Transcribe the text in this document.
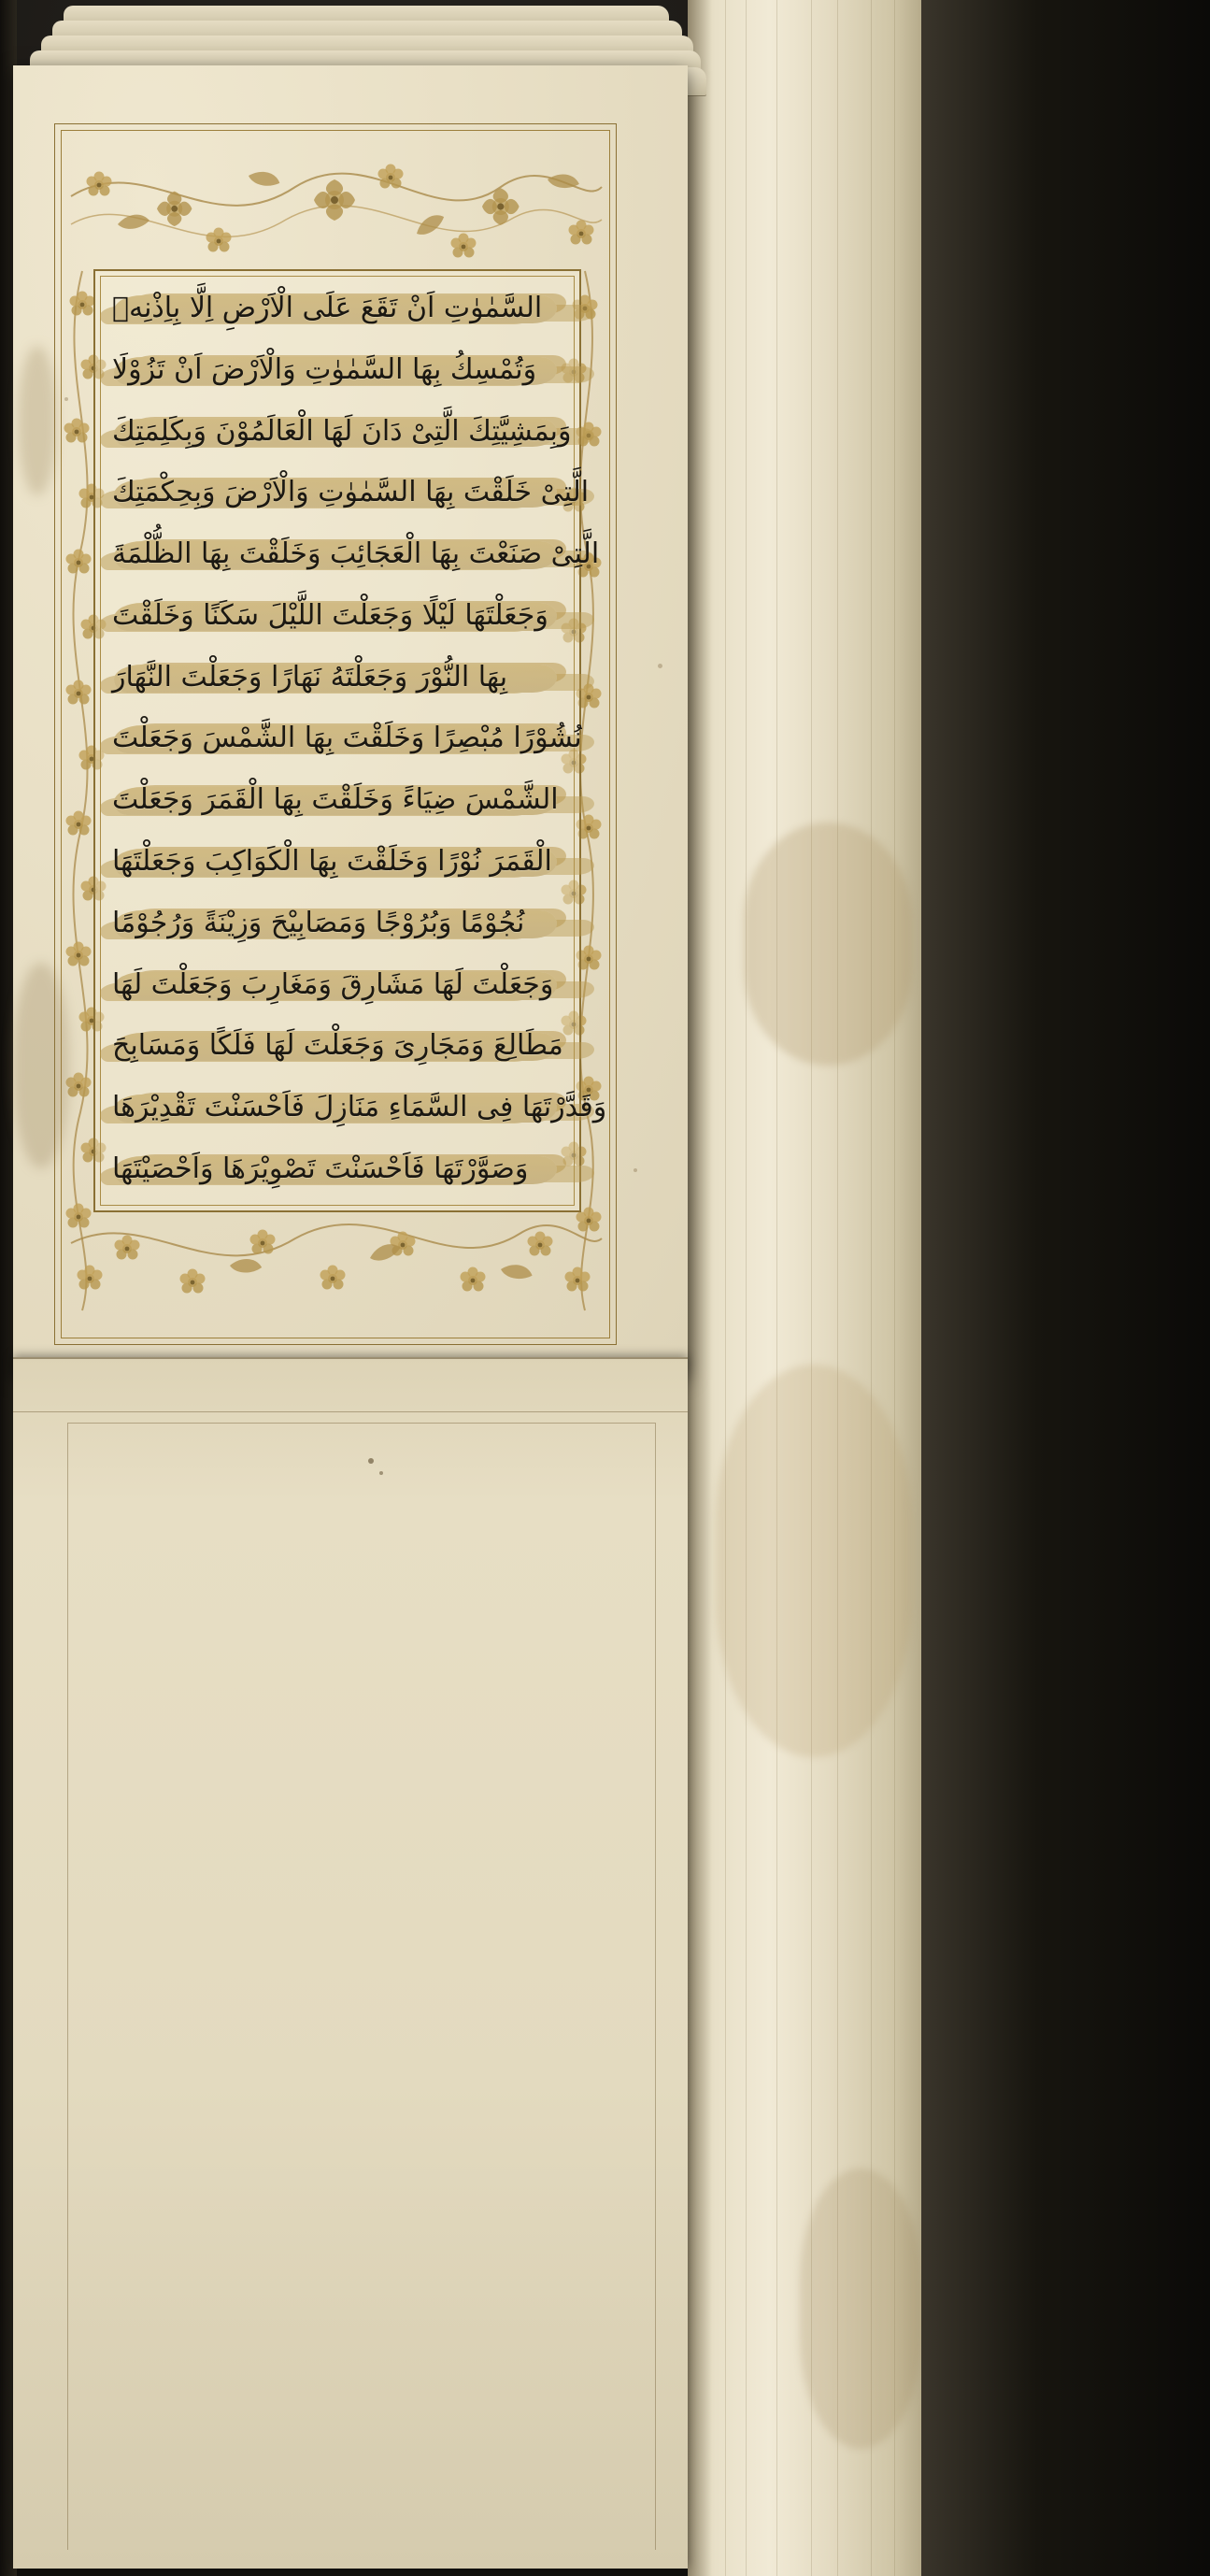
السَّمٰوٰتِ اَنْ تَقَعَ عَلَى الْاَرْضِ اِلَّا بِاِذْنِهٖ
وَتُمْسِكُ بِهَا السَّمٰوٰتِ وَالْاَرْضَ اَنْ تَزُوْلَا
وَبِمَشِيَّتِكَ الَّتِىْ دَانَ لَهَا الْعَالَمُوْنَ وَبِكَلِمَتِكَ
الَّتِىْ خَلَقْتَ بِهَا السَّمٰوٰتِ وَالْاَرْضَ وَبِحِكْمَتِكَ
الَّتِىْ صَنَعْتَ بِهَا الْعَجَائِبَ وَخَلَقْتَ بِهَا الظُّلْمَةَ
وَجَعَلْتَهَا لَيْلًا وَجَعَلْتَ اللَّيْلَ سَكَنًا وَخَلَقْتَ
بِهَا النُّوْرَ وَجَعَلْتَهُ نَهَارًا وَجَعَلْتَ النَّهَارَ
نُشُوْرًا مُبْصِرًا وَخَلَقْتَ بِهَا الشَّمْسَ وَجَعَلْتَ
الشَّمْسَ ضِيَاءً وَخَلَقْتَ بِهَا الْقَمَرَ وَجَعَلْتَ
الْقَمَرَ نُوْرًا وَخَلَقْتَ بِهَا الْكَوَاكِبَ وَجَعَلْتَهَا
نُجُوْمًا وَبُرُوْجًا وَمَصَابِيْحَ وَزِيْنَةً وَرُجُوْمًا
وَجَعَلْتَ لَهَا مَشَارِقَ وَمَغَارِبَ وَجَعَلْتَ لَهَا
مَطَالِعَ وَمَجَارِىَ وَجَعَلْتَ لَهَا فَلَكًا وَمَسَابِحَ
وَقَدَّرْتَهَا فِى السَّمَاءِ مَنَازِلَ فَاَحْسَنْتَ تَقْدِيْرَهَا
وَصَوَّرْتَهَا فَاَحْسَنْتَ تَصْوِيْرَهَا وَاَحْصَيْتَهَا
